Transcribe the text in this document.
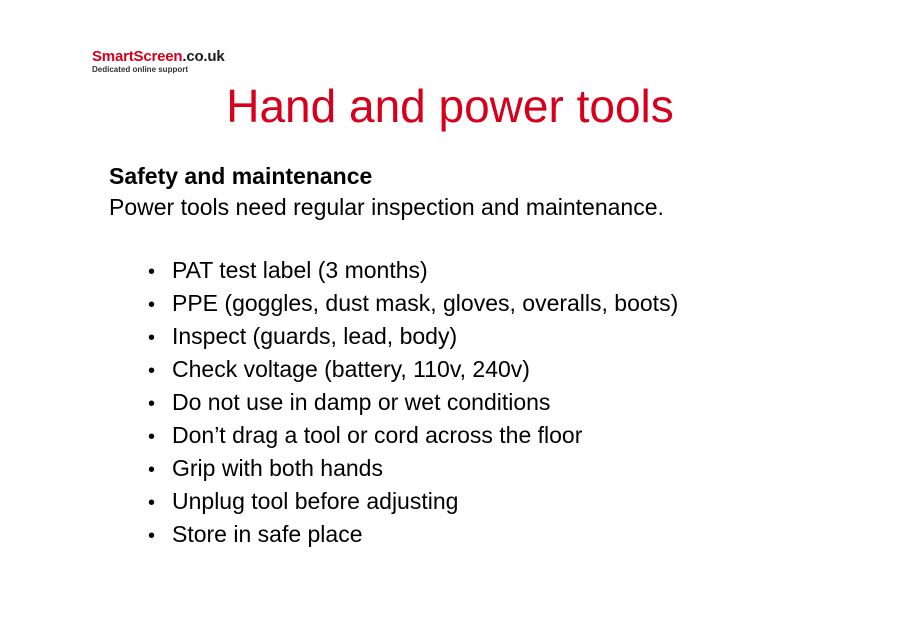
SmartScreen.co.uk
Dedicated online support
Hand and power tools
Safety and maintenance
Power tools need regular inspection and maintenance.
• PAT test label (3 months)
• PPE (goggles, dust mask, gloves, overalls, boots)
• Inspect (guards, lead, body)
• Check voltage (battery, 110v, 240v)
• Do not use in damp or wet conditions
• Don’t drag a tool or cord across the floor
• Grip with both hands
• Unplug tool before adjusting
• Store in safe place
